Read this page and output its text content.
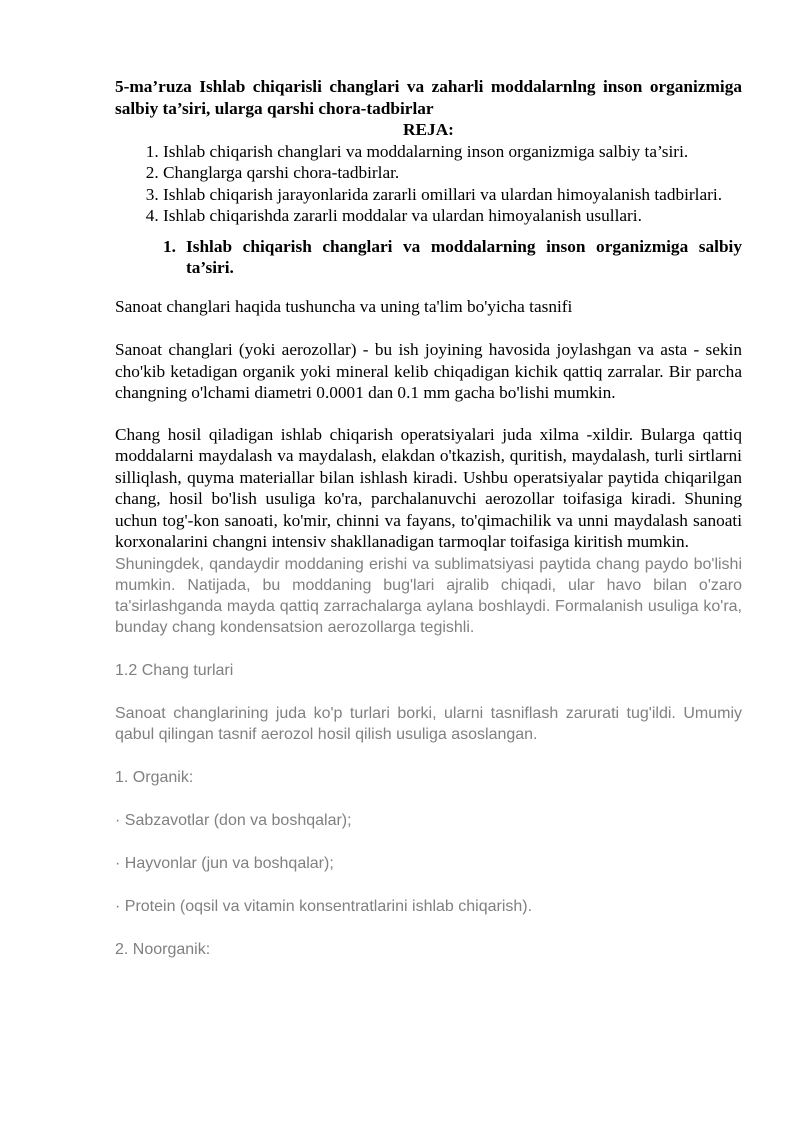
5-ma’ruza Ishlab chiqarisli changlari va zaharli moddalarnlng inson organizmiga salbiy ta’siri, ularga qarshi chora-tadbirlar

REJA:

1. Ishlab chiqarish changlari va moddalarning inson organizmiga salbiy ta’siri.
2. Changlarga qarshi chora-tadbirlar.
3. Ishlab chiqarish jarayonlarida zararli omillari va ulardan himoyalanish tadbirlari.
4. Ishlab chiqarishda zararli moddalar va ulardan himoyalanish usullari.
1. Ishlab chiqarish changlari va moddalarning inson organizmiga salbiy ta’siri.

Sanoat changlari haqida tushuncha va uning ta'lim bo'yicha tasnifi

Sanoat changlari (yoki aerozollar) - bu ish joyining havosida joylashgan va asta - sekin cho'kib ketadigan organik yoki mineral kelib chiqadigan kichik qattiq zarralar. Bir parcha changning o'lchami diametri 0.0001 dan 0.1 mm gacha bo'lishi mumkin.

Chang hosil qiladigan ishlab chiqarish operatsiyalari juda xilma -xildir. Bularga qattiq moddalarni maydalash va maydalash, elakdan o'tkazish, quritish, maydalash, turli sirtlarni silliqlash, quyma materiallar bilan ishlash kiradi. Ushbu operatsiyalar paytida chiqarilgan chang, hosil bo'lish usuliga ko'ra, parchalanuvchi aerozollar toifasiga kiradi. Shuning uchun tog'-kon sanoati, ko'mir, chinni va fayans, to'qimachilik va unni maydalash sanoati korxonalarini changni intensiv shakllanadigan tarmoqlar toifasiga kiritish mumkin.

Shuningdek, qandaydir moddaning erishi va sublimatsiyasi paytida chang paydo bo'lishi mumkin. Natijada, bu moddaning bug'lari ajralib chiqadi, ular havo bilan o'zaro ta'sirlashganda mayda qattiq zarrachalarga aylana boshlaydi. Formalanish usuliga ko'ra, bunday chang kondensatsion aerozollarga tegishli.

1.2 Chang turlari

Sanoat changlarining juda ko'p turlari borki, ularni tasniflash zarurati tug'ildi. Umumiy qabul qilingan tasnif aerozol hosil qilish usuliga asoslangan.

1. Organik:

· Sabzavotlar (don va boshqalar);

· Hayvonlar (jun va boshqalar);

· Protein (oqsil va vitamin konsentratlarini ishlab chiqarish).

2. Noorganik:
